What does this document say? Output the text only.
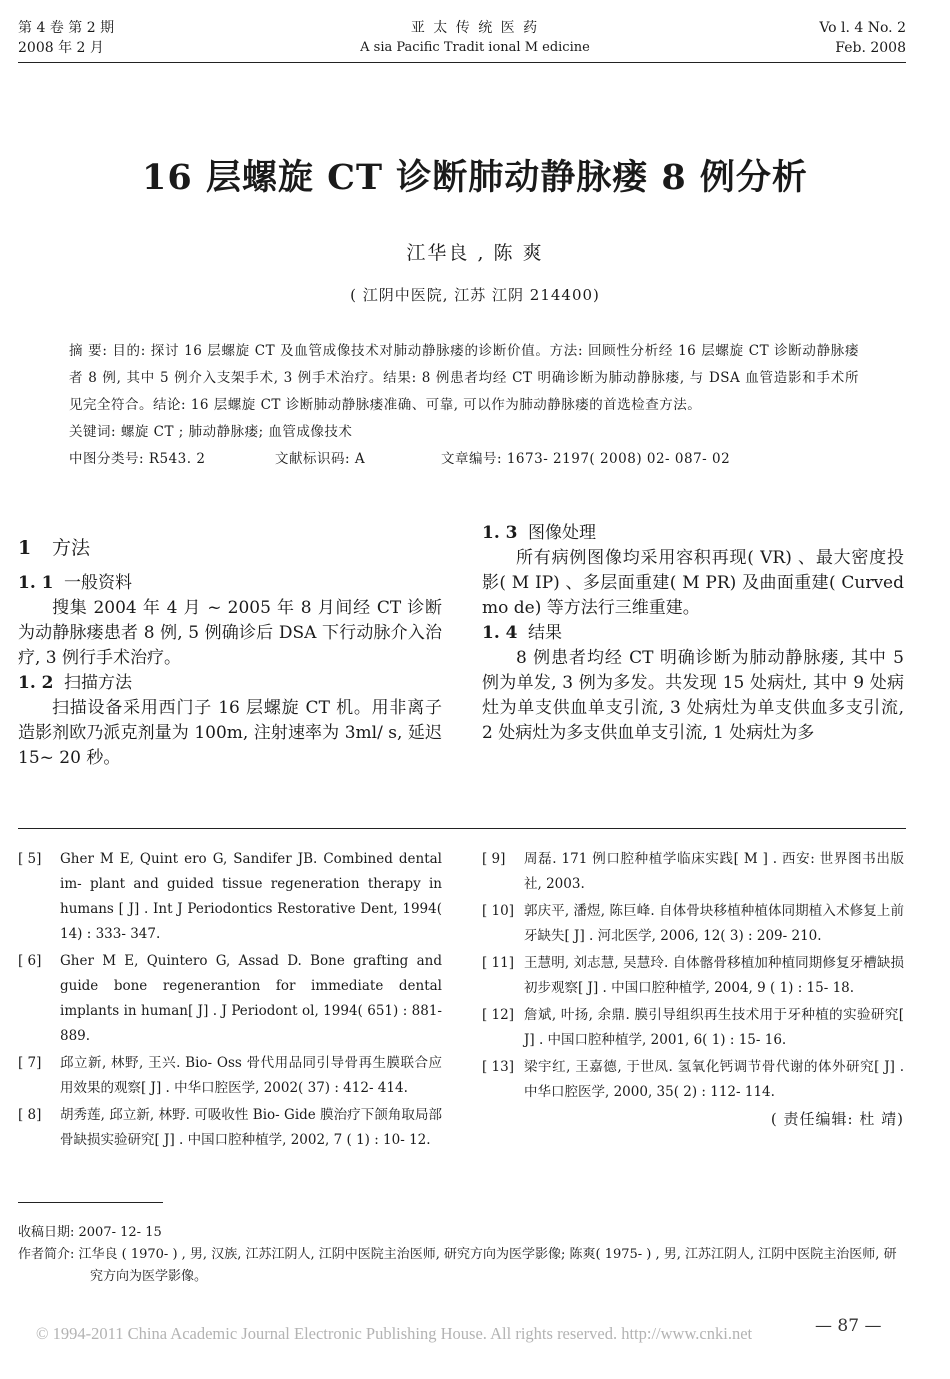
第 4 卷 第 2 期
2008 年 2 月
亚 太 传 统 医 药
A sia Pacific Tradit ional M edicine
Vo l. 4 No. 2
Feb. 2008
16 层螺旋 CT 诊断肺动静脉瘘 8 例分析
江华良 , 陈 爽
( 江阴中医院, 江苏 江阴 214400)

摘 要: 目的: 探讨 16 层螺旋 CT 及血管成像技术对肺动静脉瘘的诊断价值。方法: 回顾性分析经 16 层螺旋 CT 诊断动静脉瘘者 8 例, 其中 5 例介入支架手术, 3 例手术治疗。结果: 8 例患者均经 CT 明确诊断为肺动静脉瘘, 与 DSA 血管造影和手术所见完全符合。结论: 16 层螺旋 CT 诊断肺动静脉瘘准确、可靠, 可以作为肺动静脉瘘的首选检查方法。

关键词: 螺旋 CT ; 肺动静脉瘘; 血管成像技术

中图分类号: R543. 2	文献标识码: A	文章编号: 1673- 2197( 2008) 02- 087- 02
1 方法
1. 1 一般资料

搜集 2004 年 4 月 ~ 2005 年 8 月间经 CT 诊断为动静脉瘘患者 8 例, 5 例确诊后 DSA 下行动脉介入治疗, 3 例行手术治疗。

1. 2 扫描方法

扫描设备采用西门子 16 层螺旋 CT 机。用非离子造影剂欧乃派克剂量为 100m, 注射速率为 3ml/ s, 延迟 15~ 20 秒。

1. 3 图像处理

所有病例图像均采用容积再现( VR) 、最大密度投影( M IP) 、多层面重建( M PR) 及曲面重建( Curved mo de) 等方法行三维重建。

1. 4 结果

8 例患者均经 CT 明确诊断为肺动静脉瘘, 其中 5 例为单发, 3 例为多发。共发现 15 处病灶, 其中 9 处病灶为单支供血单支引流, 3 处病灶为单支供血多支引流, 2 处病灶为多支供血单支引流, 1 处病灶为多

[ 5] Gher M E, Quint ero G, Sandifer JB. Combined dental im- plant and guided tissue regeneration therapy in humans [ J] . Int J Periodontics Restorative Dent, 1994( 14) : 333- 347.
[ 6] Gher M E, Quintero G, Assad D. Bone grafting and guide bone regenerantion for immediate dental implants in human[ J] . J Periodont ol, 1994( 651) : 881- 889.
[ 7] 邱立新, 林野, 王兴. Bio- Oss 骨代用品同引导骨再生膜联合应用效果的观察[ J] . 中华口腔医学, 2002( 37) : 412- 414.
[ 8] 胡秀莲, 邱立新, 林野. 可吸收性 Bio- Gide 膜治疗下颌角取局部骨缺损实验研究[ J] . 中国口腔种植学, 2002, 7 ( 1) : 10- 12.
[ 9] 周磊. 171 例口腔种植学临床实践[ M ] . 西安: 世界图书出版社, 2003.
[ 10] 郭庆平, 潘煜, 陈巨峰. 自体骨块移植种植体同期植入术修复上前牙缺失[ J] . 河北医学, 2006, 12( 3) : 209- 210.
[ 11] 王慧明, 刘志慧, 吴慧玲. 自体髂骨移植加种植同期修复牙槽缺损初步观察[ J] . 中国口腔种植学, 2004, 9 ( 1) : 15- 18.
[ 12] 詹斌, 叶扬, 余鼎. 膜引导组织再生技术用于牙种植的实验研究[ J] . 中国口腔种植学, 2001, 6( 1) : 15- 16.
[ 13] 梁宇红, 王嘉德, 于世凤. 氢氧化钙调节骨代谢的体外研究[ J] . 中华口腔医学, 2000, 35( 2) : 112- 114.
( 责任编辑: 杜 靖)

收稿日期: 2007- 12- 15

作者简介: 江华良 ( 1970- ) , 男, 汉族, 江苏江阴人, 江阴中医院主治医师, 研究方向为医学影像; 陈爽( 1975- ) , 男, 江苏江阴人, 江阴中医院主治医师, 研究方向为医学影像。

— 87 —
© 1994-2011 China Academic Journal Electronic Publishing House. All rights reserved. http://www.cnki.net
